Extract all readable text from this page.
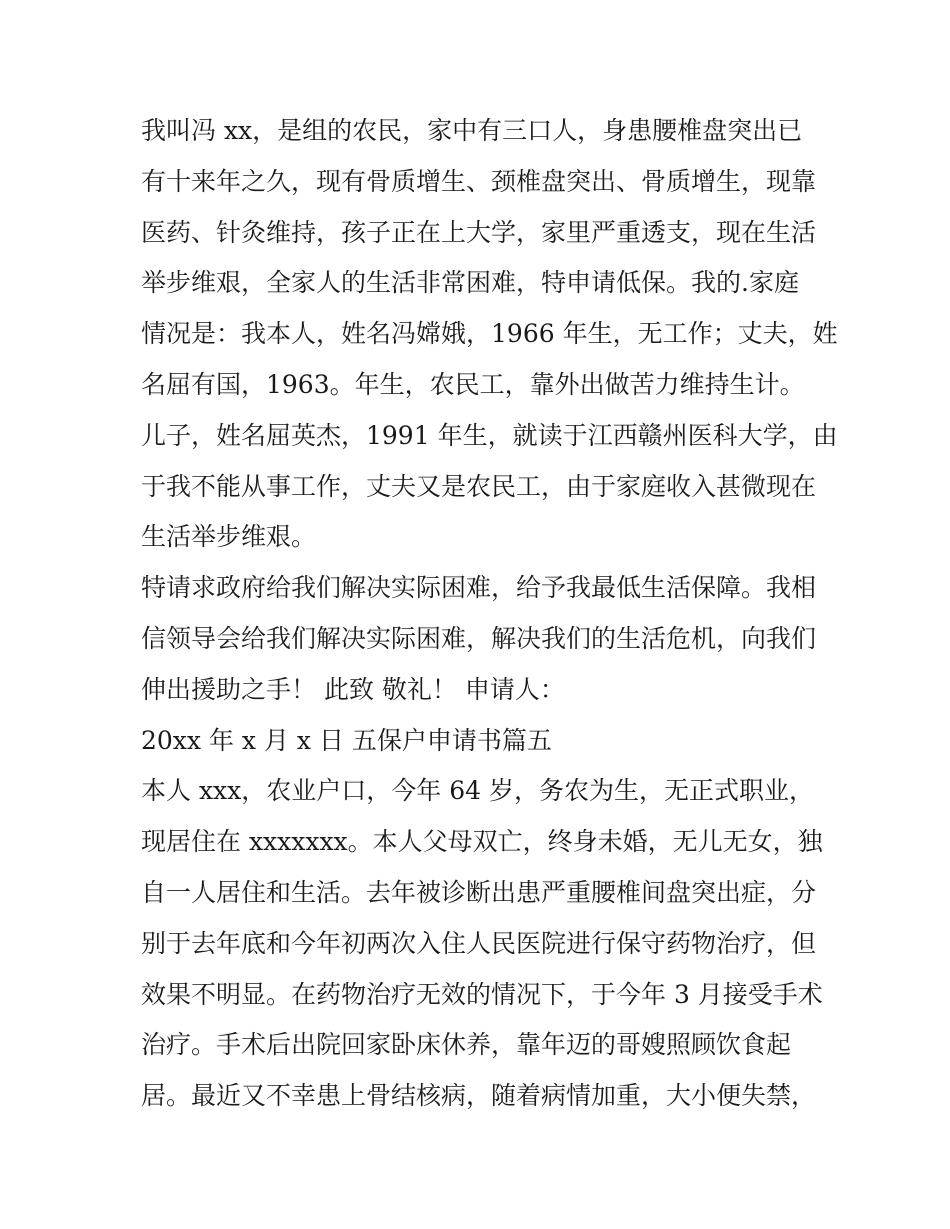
我叫冯 xx，是组的农民，家中有三口人，身患腰椎盘突出已
有十来年之久，现有骨质增生、颈椎盘突出、骨质增生，现靠
医药、针灸维持，孩子正在上大学，家里严重透支，现在生活
举步维艰，全家人的生活非常困难，特申请低保。我的.家庭
情况是：我本人，姓名冯嫦娥，1966 年生，无工作；丈夫，姓
名屈有国，1963。年生，农民工，靠外出做苦力维持生计。
儿子，姓名屈英杰，1991 年生，就读于江西赣州医科大学，由
于我不能从事工作，丈夫又是农民工，由于家庭收入甚微现在
生活举步维艰。
特请求政府给我们解决实际困难，给予我最低生活保障。我相
信领导会给我们解决实际困难，解决我们的生活危机，向我们
伸出援助之手！ 此致 敬礼！ 申请人：
20xx 年 x 月 x 日 五保户申请书篇五
本人 xxx，农业户口，今年 64 岁，务农为生，无正式职业，
现居住在 xxxxxxx。本人父母双亡，终身未婚，无儿无女，独
自一人居住和生活。去年被诊断出患严重腰椎间盘突出症，分
别于去年底和今年初两次入住人民医院进行保守药物治疗，但
效果不明显。在药物治疗无效的情况下，于今年 3 月接受手术
治疗。手术后出院回家卧床休养，靠年迈的哥嫂照顾饮食起
居。最近又不幸患上骨结核病，随着病情加重，大小便失禁，
